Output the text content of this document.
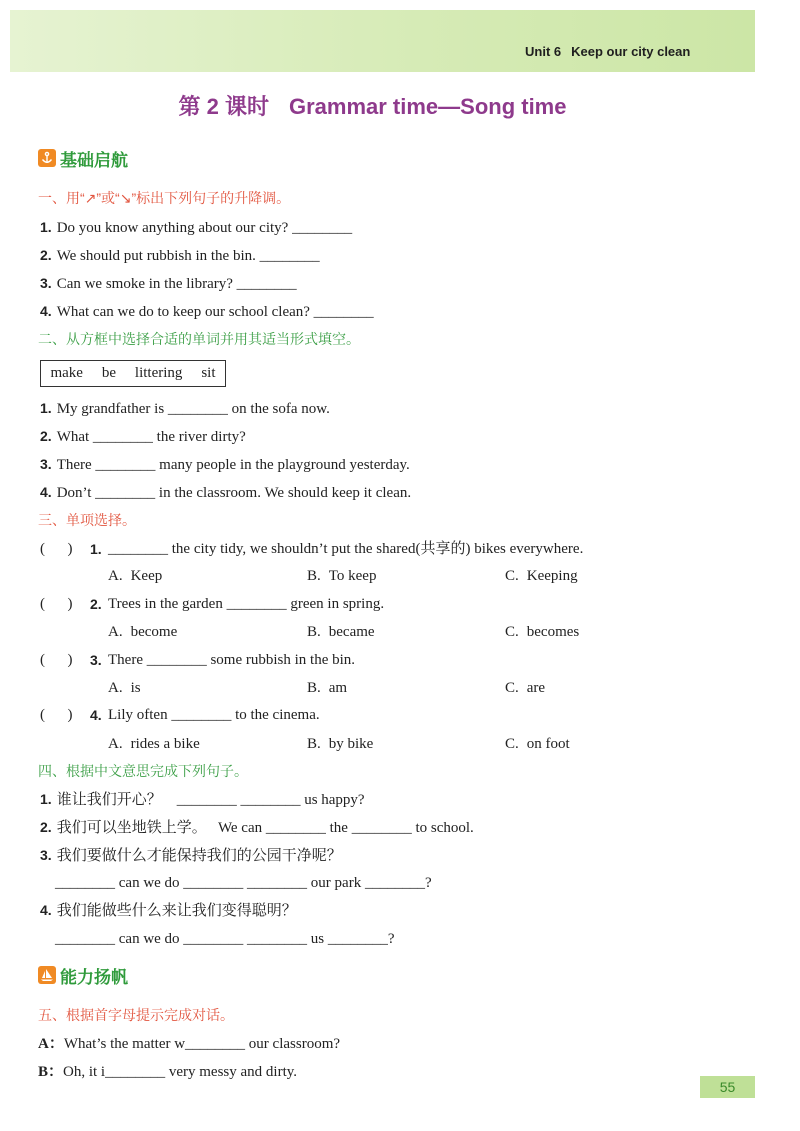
Unit 6 Keep our city clean
第 2 课时 Grammar time—Song time
基础启航
一、用“↗”或“↘”标出下列句子的升降调。
1. Do you know anything about our city? ________
2. We should put rubbish in the bin. ________
3. Can we smoke in the library? ________
4. What can we do to keep our school clean? ________
二、从方框中选择合适的单词并用其适当形式填空。
make be littering sit
1. My grandfather is ________ on the sofa now.
2. What ________ the river dirty?
3. There ________ many people in the playground yesterday.
4. Don’t ________ in the classroom. We should keep it clean.
三、单项选择。
(      )	1. ________ the city tidy, we shouldn’t put the shared(共享的) bikes everywhere.
A. Keep	B. To keep	C. Keeping
(      )	2. Trees in the garden ________ green in spring.
A. become	B. became	C. becomes
(      )	3. There ________ some rubbish in the bin.
A. is	B. am	C. are
(      )	4. Lily often ________ to the cinema.
A. rides a bike	B. by bike	C. on foot
四、根据中文意思完成下列句子。
1. 谁让我们开心？    ________ ________ us happy?
2. 我们可以坐地铁上学。   We can ________ the ________ to school.
3. 我们要做什么才能保持我们的公园干净呢？
________ can we do ________ ________ our park ________?
4. 我们能做些什么来让我们变得聪明？
________ can we do ________ ________ us ________?
能力扬帆
五、根据首字母提示完成对话。
A：What’s the matter w________ our classroom?
B：Oh, it i________ very messy and dirty.
55
